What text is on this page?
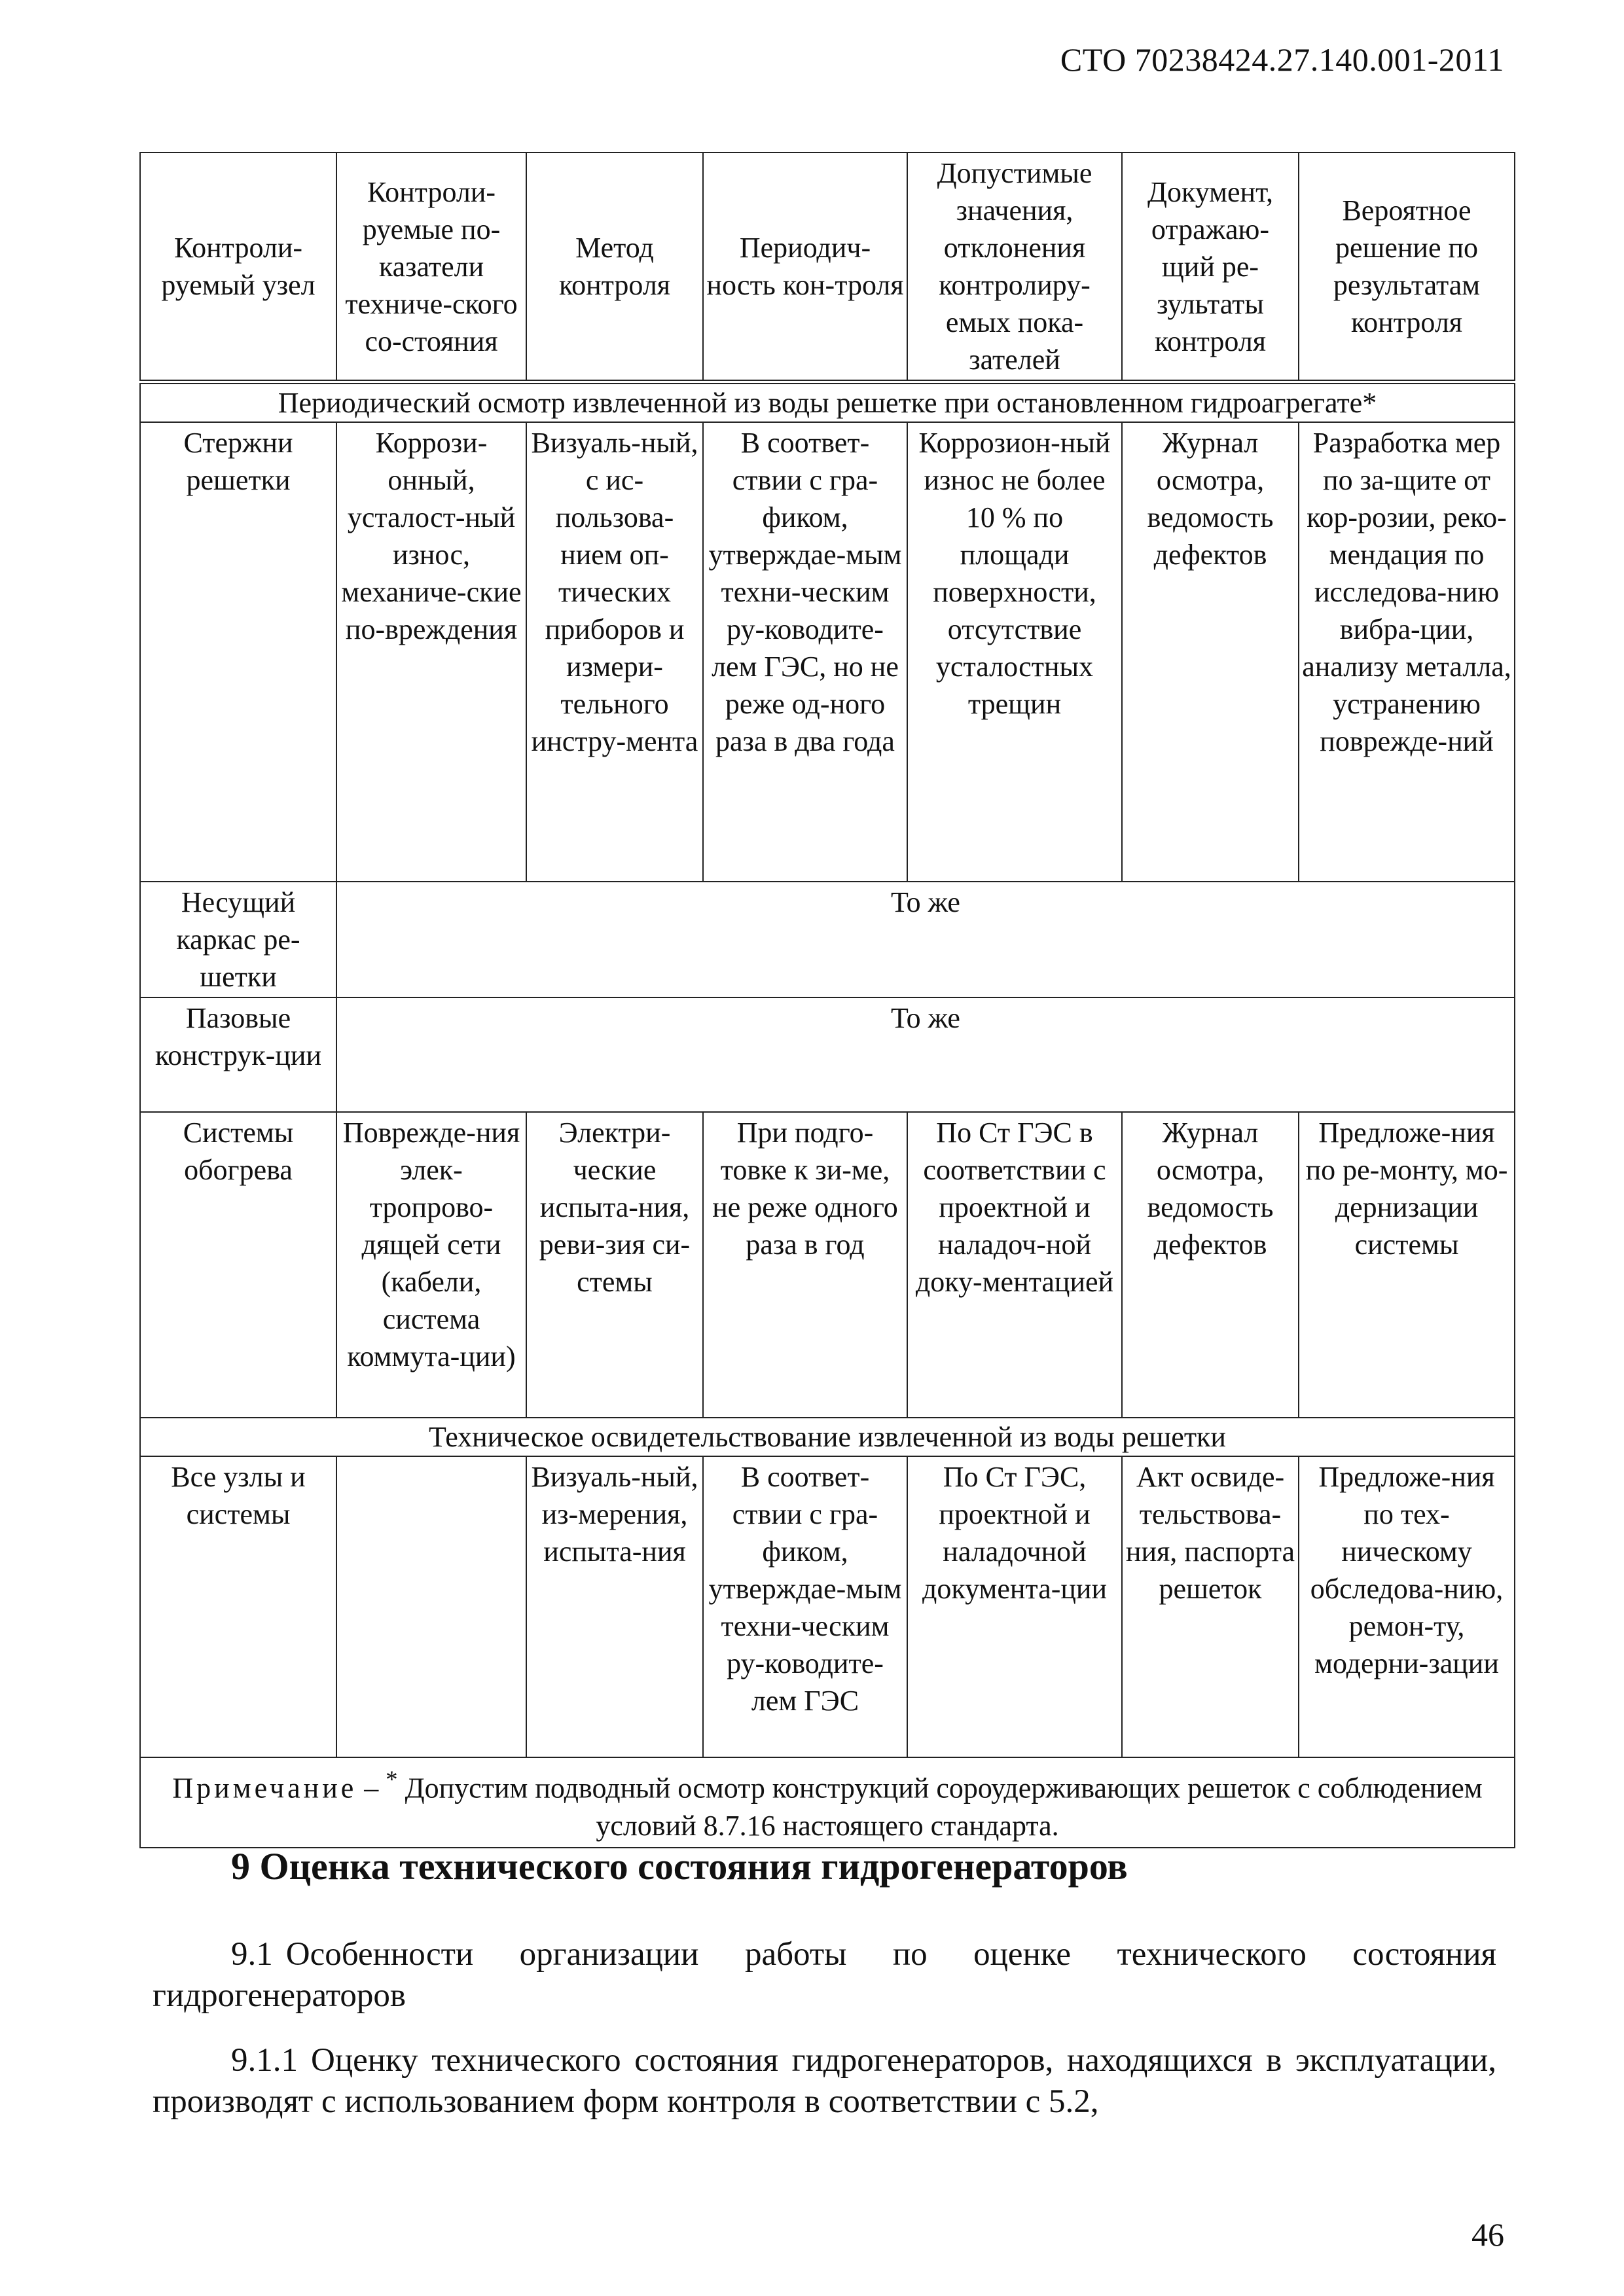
СТО 70238424.27.140.001-2011
Контроли-руемый узел	Контроли-руемые по-казатели техниче-ского со-стояния	Метод контроля	Периодич-ность кон-троля	Допустимые значения, отклонения контролиру-емых пока-зателей	Документ, отражаю-щий ре-зультаты контроля	Вероятное решение по результатам контроля
Периодический осмотр извлеченной из воды решетке при остановленном гидроагрегате*						
Стержни решетки	Коррози-онный, усталост-ный износ, механиче-ские по-вреждения	Визуаль-ный, с ис-пользова-нием оп-тических приборов и измери-тельного инстру-мента	В соответ-ствии с гра-фиком, утверждае-мым техни-ческим ру-ководите-лем ГЭС, но не реже од-ного раза в два года	Коррозион-ный износ не более 10 % по площади поверхности, отсутствие усталостных трещин	Журнал осмотра, ведомость дефектов	Разработка мер по за-щите от кор-розии, реко-мендация по исследова-нию вибра-ции, анализу металла, устранению поврежде-ний
Несущий каркас ре-шетки	То же					
Пазовые конструк-ции	То же					
Системы обогрева	Поврежде-ния элек-тропрово-дящей сети (кабели, система коммута-ции)	Электри-ческие испыта-ния, реви-зия си-стемы	При подго-товке к зи-ме, не реже одного раза в год	По Ст ГЭС в соответствии с проектной и наладоч-ной доку-ментацией	Журнал осмотра, ведомость дефектов	Предложе-ния по ре-монту, мо-дернизации системы
Техническое освидетельствование извлеченной из воды решетки						
Все узлы и системы		Визуаль-ный, из-мерения, испыта-ния	В соответ-ствии с гра-фиком, утверждае-мым техни-ческим ру-ководите-лем ГЭС	По Ст ГЭС, проектной и наладочной документа-ции	Акт освиде-тельствова-ния, паспорта решеток	Предложе-ния по тех-ническому обследова-нию, ремон-ту, модерни-зации
Примечание – * Допустим подводный осмотр конструкций сороудерживающих решеток с соблюдением условий 8.7.16 настоящего стандарта.						
9 Оценка технического состояния гидрогенераторов
9.1 Особенности организации работы по оценке технического состояния гидрогенераторов
9.1.1 Оценку технического состояния гидрогенераторов, находящихся в эксплуатации, производят с использованием форм контроля в соответствии с 5.2,
46
